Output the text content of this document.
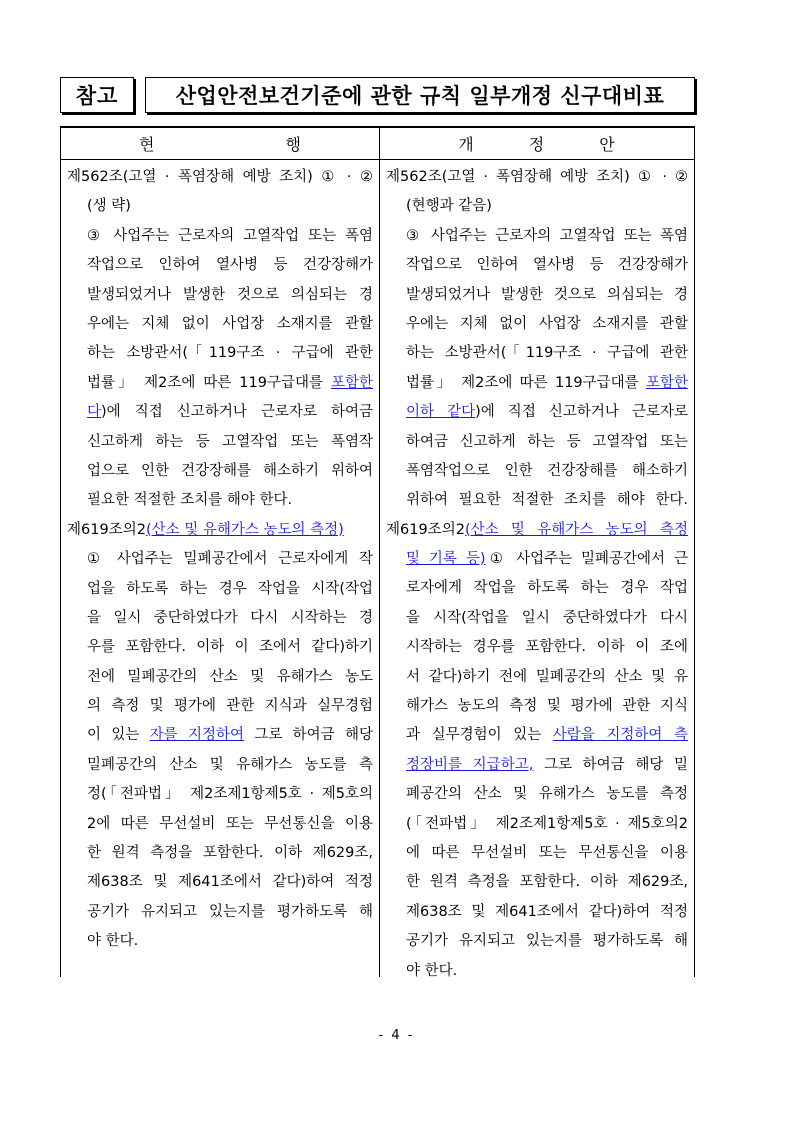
참고	산업안전보건기준에 관한 규칙 일부개정 신구대비표
현 행	개 정 안
제562조(고열 · 폭염장해 예방 조치) ① · ②
(생 략)
③ 사업주는 근로자의 고열작업 또는 폭염
작업으로 인하여 열사병 등 건강장해가
발생되었거나 발생한 것으로 의심되는 경
우에는 지체 없이 사업장 소재지를 관할
하는 소방관서(「119구조 · 구급에 관한
법률」 제2조에 따른 119구급대를 포함한
다)에 직접 신고하거나 근로자로 하여금
신고하게 하는 등 고열작업 또는 폭염작
업으로 인한 건강장해를 해소하기 위하여
필요한 적절한 조치를 해야 한다.
제619조의2 (산소 및 유해가스 농도의 측정)
① 사업주는 밀폐공간에서 근로자에게 작
업을 하도록 하는 경우 작업을 시작(작업
을 일시 중단하였다가 다시 시작하는 경
우를 포함한다. 이하 이 조에서 같다)하기
전에 밀폐공간의 산소 및 유해가스 농도
의 측정 및 평가에 관한 지식과 실무경험
이 있는 자를 지정하여 그로 하여금 해당
밀폐공간의 산소 및 유해가스 농도를 측
정(「전파법」 제2조제1항제5호 · 제5호의
2에 따른 무선설비 또는 무선통신을 이용
한 원격 측정을 포함한다. 이하 제629조,
제638조 및 제641조에서 같다)하여 적정
공기가 유지되고 있는지를 평가하도록 해
야 한다.
제562조(고열 · 폭염장해 예방 조치) ① · ②
(현행과 같음)
③ 사업주는 근로자의 고열작업 또는 폭염
작업으로 인하여 열사병 등 건강장해가
발생되었거나 발생한 것으로 의심되는 경
우에는 지체 없이 사업장 소재지를 관할
하는 소방관서(「119구조 · 구급에 관한
법률」 제2조에 따른 119구급대를 포함한
이하 같다)에 직접 신고하거나 근로자로
하여금 신고하게 하는 등 고열작업 또는
폭염작업으로 인한 건강장해를 해소하기
위하여 필요한 적절한 조치를 해야 한다.
제619조의2(산소 및 유해가스 농도의 측정
및 기록 등)① 사업주는 밀폐공간에서 근
로자에게 작업을 하도록 하는 경우 작업
을 시작(작업을 일시 중단하였다가 다시
시작하는 경우를 포함한다. 이하 이 조에
서 같다)하기 전에 밀폐공간의 산소 및 유
해가스 농도의 측정 및 평가에 관한 지식
과 실무경험이 있는 사람을 지정하여 측
정장비를 지급하고, 그로 하여금 해당 밀
폐공간의 산소 및 유해가스 농도를 측정
(「전파법」 제2조제1항제5호 · 제5호의2
에 따른 무선설비 또는 무선통신을 이용
한 원격 측정을 포함한다. 이하 제629조,
제638조 및 제641조에서 같다)하여 적정
공기가 유지되고 있는지를 평가하도록 해
야 한다.
- 4 -
